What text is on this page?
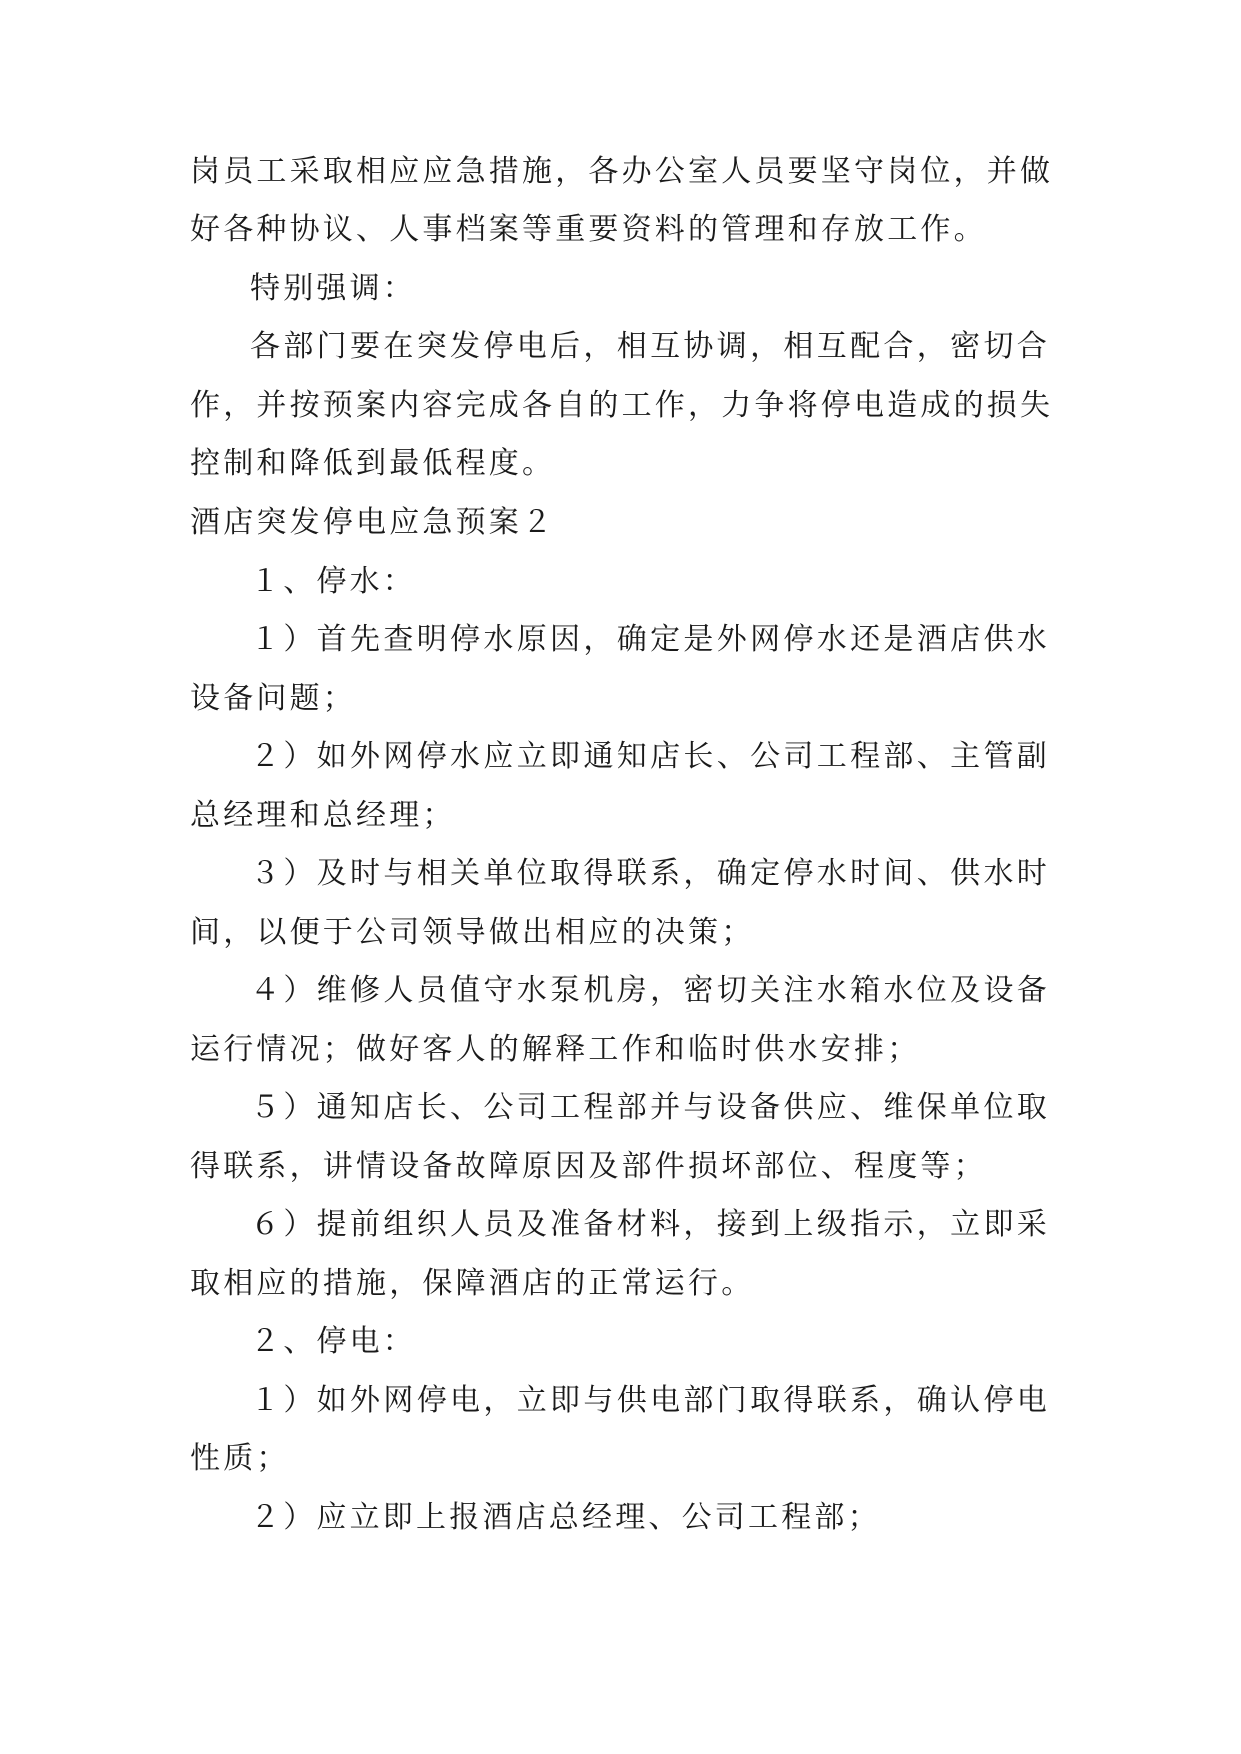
岗员工采取相应应急措施，各办公室人员要坚守岗位，并做

好各种协议、人事档案等重要资料的管理和存放工作。

特别强调：

各部门要在突发停电后，相互协调，相互配合，密切合

作，并按预案内容完成各自的工作，力争将停电造成的损失

控制和降低到最低程度。

酒店突发停电应急预案２

１、停水：

１）首先查明停水原因，确定是外网停水还是酒店供水

设备问题；

２）如外网停水应立即通知店长、公司工程部、主管副

总经理和总经理；

３）及时与相关单位取得联系，确定停水时间、供水时

间，以便于公司领导做出相应的决策；

４）维修人员值守水泵机房，密切关注水箱水位及设备

运行情况；做好客人的解释工作和临时供水安排；

５）通知店长、公司工程部并与设备供应、维保单位取

得联系，讲情设备故障原因及部件损坏部位、程度等；

６）提前组织人员及准备材料，接到上级指示，立即采

取相应的措施，保障酒店的正常运行。

２、停电：

１）如外网停电，立即与供电部门取得联系，确认停电

性质；

２）应立即上报酒店总经理、公司工程部；
